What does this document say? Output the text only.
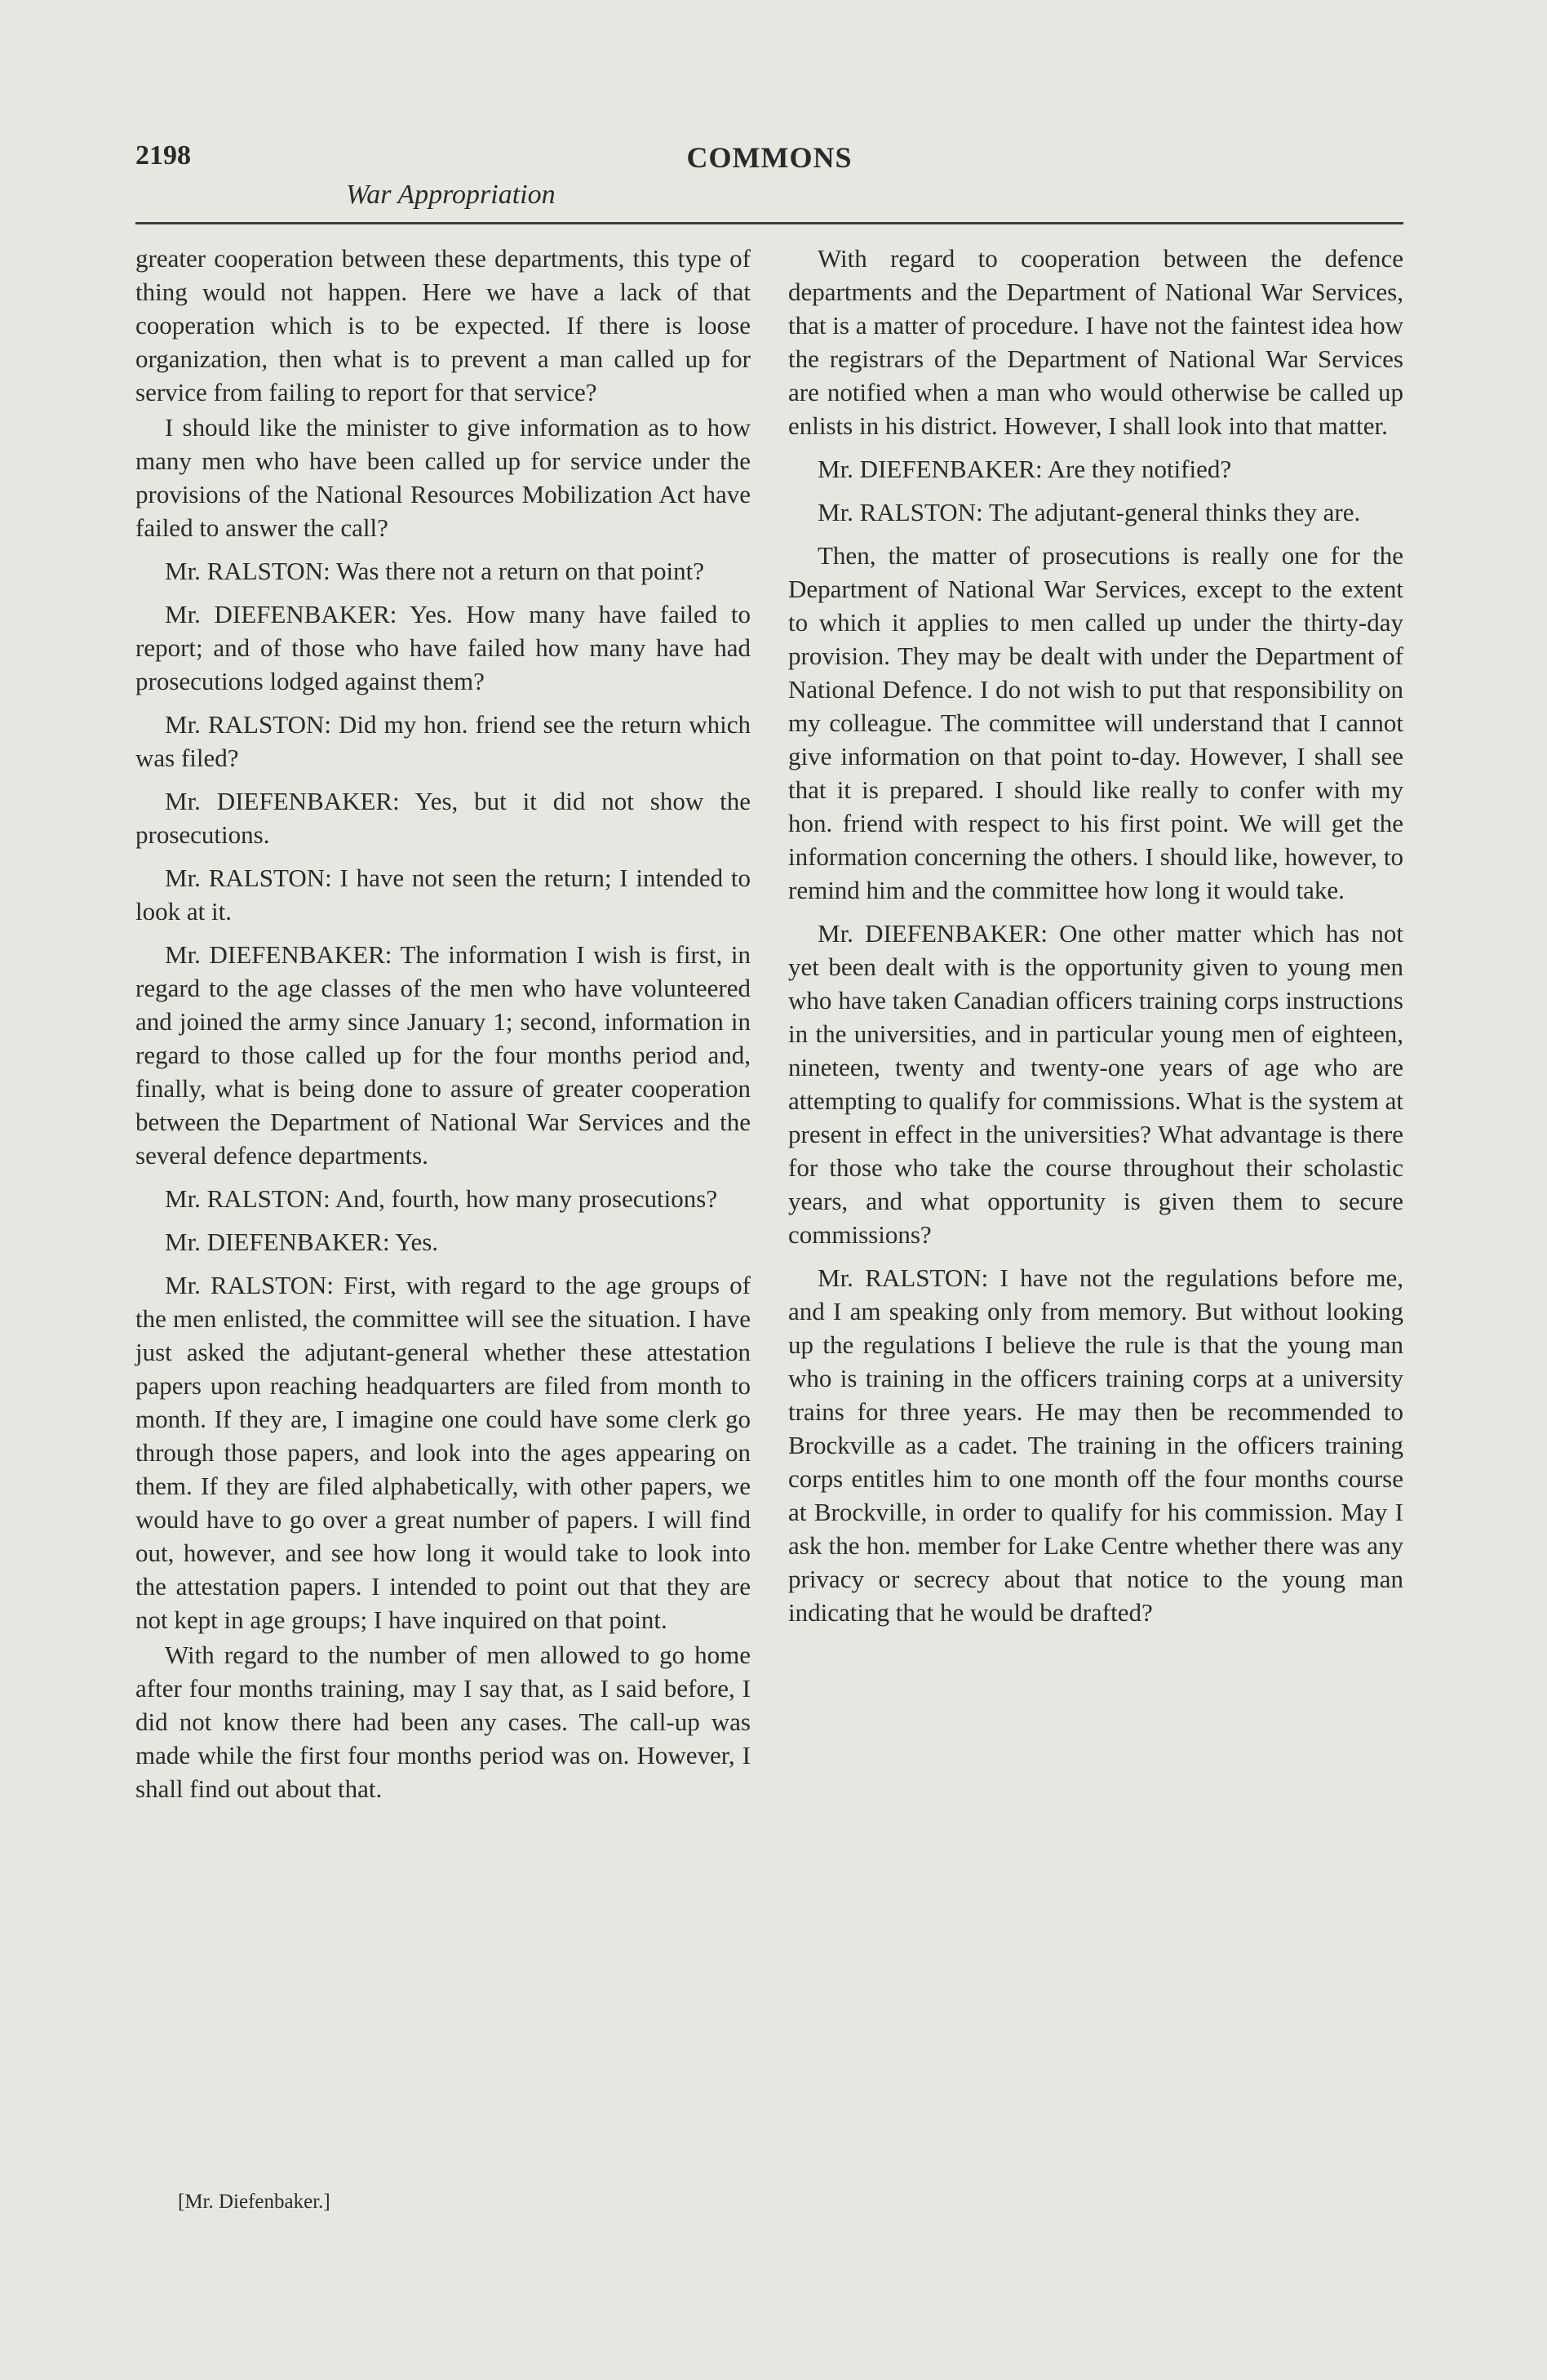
2198	COMMONS
War Appropriation

greater cooperation between these departments, this type of thing would not happen. Here we have a lack of that cooperation which is to be expected. If there is loose organization, then what is to prevent a man called up for service from failing to report for that service?

I should like the minister to give information as to how many men who have been called up for service under the provisions of the National Resources Mobilization Act have failed to answer the call?

Mr. RALSTON: Was there not a return on that point?

Mr. DIEFENBAKER: Yes. How many have failed to report; and of those who have failed how many have had prosecutions lodged against them?

Mr. RALSTON: Did my hon. friend see the return which was filed?

Mr. DIEFENBAKER: Yes, but it did not show the prosecutions.

Mr. RALSTON: I have not seen the return; I intended to look at it.

Mr. DIEFENBAKER: The information I wish is first, in regard to the age classes of the men who have volunteered and joined the army since January 1; second, information in regard to those called up for the four months period and, finally, what is being done to assure of greater cooperation between the Department of National War Services and the several defence departments.

Mr. RALSTON: And, fourth, how many prosecutions?

Mr. DIEFENBAKER: Yes.

Mr. RALSTON: First, with regard to the age groups of the men enlisted, the committee will see the situation. I have just asked the adjutant-general whether these attestation papers upon reaching headquarters are filed from month to month. If they are, I imagine one could have some clerk go through those papers, and look into the ages appearing on them. If they are filed alphabetically, with other papers, we would have to go over a great number of papers. I will find out, however, and see how long it would take to look into the attestation papers. I intended to point out that they are not kept in age groups; I have inquired on that point.

With regard to the number of men allowed to go home after four months training, may I say that, as I said before, I did not know there had been any cases. The call-up was made while the first four months period was on. However, I shall find out about that.

[Mr. Diefenbaker.]

With regard to cooperation between the defence departments and the Department of National War Services, that is a matter of procedure. I have not the faintest idea how the registrars of the Department of National War Services are notified when a man who would otherwise be called up enlists in his district. However, I shall look into that matter.

Mr. DIEFENBAKER: Are they notified?

Mr. RALSTON: The adjutant-general thinks they are.

Then, the matter of prosecutions is really one for the Department of National War Services, except to the extent to which it applies to men called up under the thirty-day provision. They may be dealt with under the Department of National Defence. I do not wish to put that responsibility on my colleague. The committee will understand that I cannot give information on that point to-day. However, I shall see that it is prepared. I should like really to confer with my hon. friend with respect to his first point. We will get the information concerning the others. I should like, however, to remind him and the committee how long it would take.

Mr. DIEFENBAKER: One other matter which has not yet been dealt with is the opportunity given to young men who have taken Canadian officers training corps instructions in the universities, and in particular young men of eighteen, nineteen, twenty and twenty-one years of age who are attempting to qualify for commissions. What is the system at present in effect in the universities? What advantage is there for those who take the course throughout their scholastic years, and what opportunity is given them to secure commissions?

Mr. RALSTON: I have not the regulations before me, and I am speaking only from memory. But without looking up the regulations I believe the rule is that the young man who is training in the officers training corps at a university trains for three years. He may then be recommended to Brockville as a cadet. The training in the officers training corps entitles him to one month off the four months course at Brockville, in order to qualify for his commission. May I ask the hon. member for Lake Centre whether there was any privacy or secrecy about that notice to the young man indicating that he would be drafted?
